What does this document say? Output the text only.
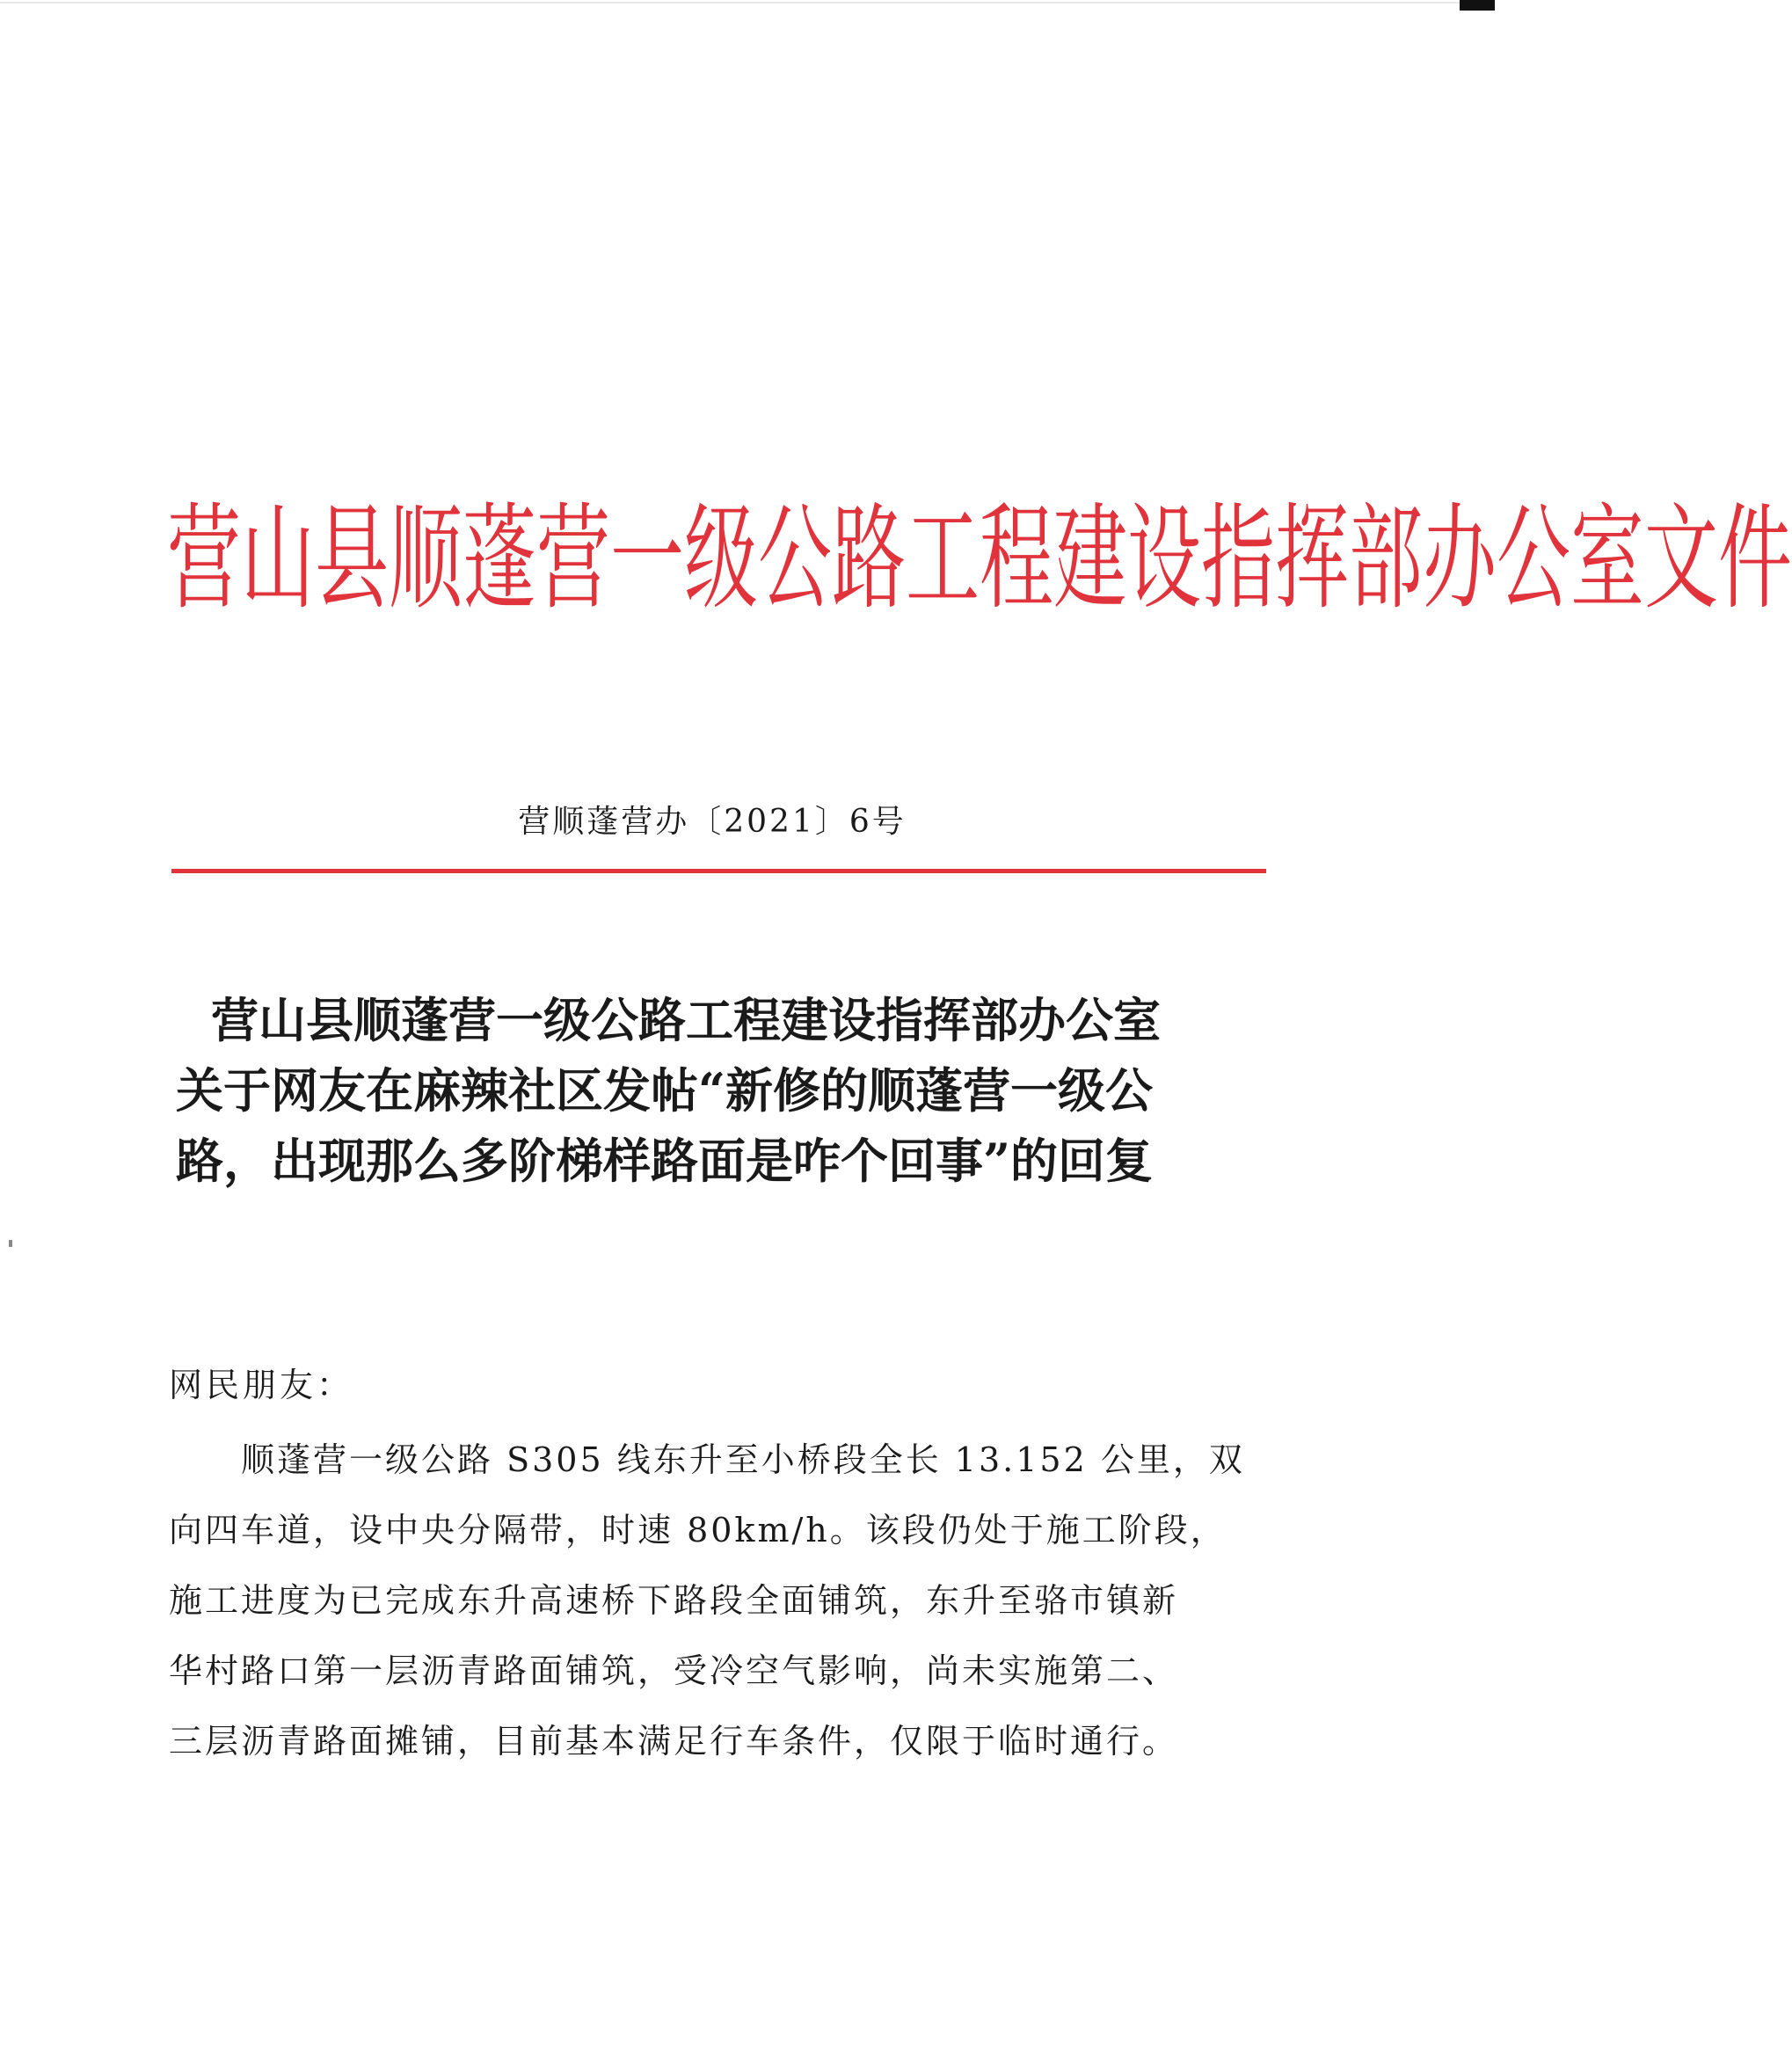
营山县顺蓬营一级公路工程建设指挥部办公室文件
营顺蓬营办〔2021〕6号
营山县顺蓬营一级公路工程建设指挥部办公室
关于网友在麻辣社区发帖“新修的顺蓬营一级公
路，出现那么多阶梯样路面是咋个回事”的回复
网民朋友：
顺蓬营一级公路 S305 线东升至小桥段全长 13.152 公里，双
向四车道，设中央分隔带，时速 80km/h。该段仍处于施工阶段，
施工进度为已完成东升高速桥下路段全面铺筑，东升至骆市镇新
华村路口第一层沥青路面铺筑，受冷空气影响，尚未实施第二、
三层沥青路面摊铺，目前基本满足行车条件，仅限于临时通行。
